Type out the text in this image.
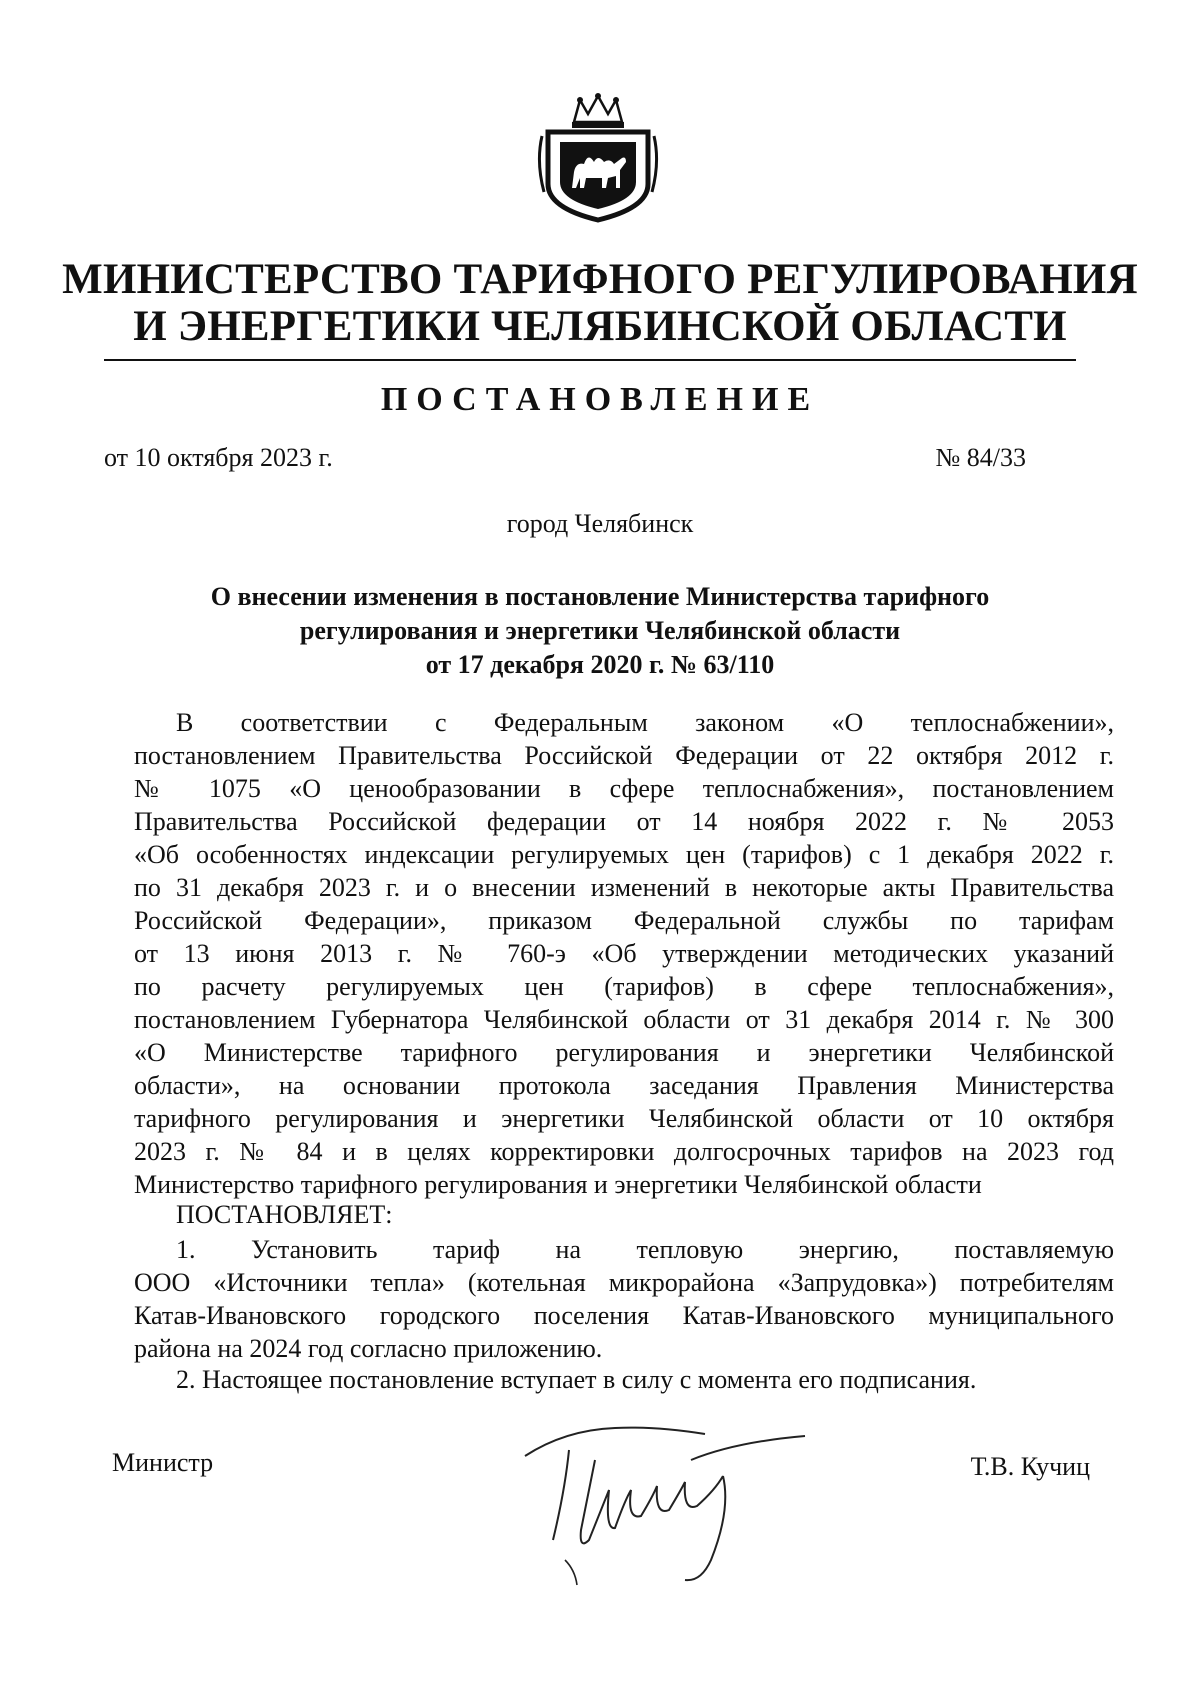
МИНИСТЕРСТВО ТАРИФНОГО РЕГУЛИРОВАНИЯ
И ЭНЕРГЕТИКИ ЧЕЛЯБИНСКОЙ ОБЛАСТИ
ПОСТАНОВЛЕНИЕ
от 10 октября 2023 г.	№ 84/33
город Челябинск
О внесении изменения в постановление Министерства тарифного
регулирования и энергетики Челябинской области
от 17 декабря 2020 г. № 63/110
В соответствии с Федеральным законом «О теплоснабжении»,
постановлением Правительства Российской Федерации от 22 октября 2012 г.
№ 1075 «О ценообразовании в сфере теплоснабжения», постановлением
Правительства Российской федерации от 14 ноября 2022 г. № 2053
«Об особенностях индексации регулируемых цен (тарифов) с 1 декабря 2022 г.
по 31 декабря 2023 г. и о внесении изменений в некоторые акты Правительства
Российской Федерации», приказом Федеральной службы по тарифам
от 13 июня 2013 г. № 760-э «Об утверждении методических указаний
по расчету регулируемых цен (тарифов) в сфере теплоснабжения»,
постановлением Губернатора Челябинской области от 31 декабря 2014 г. № 300
«О Министерстве тарифного регулирования и энергетики Челябинской
области», на основании протокола заседания Правления Министерства
тарифного регулирования и энергетики Челябинской области от 10 октября
2023 г. № 84 и в целях корректировки долгосрочных тарифов на 2023 год
Министерство тарифного регулирования и энергетики Челябинской области
ПОСТАНОВЛЯЕТ:
1. Установить тариф на тепловую энергию, поставляемую
ООО «Источники тепла» (котельная микрорайона «Запрудовка») потребителям
Катав-Ивановского городского поселения Катав-Ивановского муниципального
района на 2024 год согласно приложению.
2. Настоящее постановление вступает в силу с момента его подписания.
Министр	Т.В. Кучиц
